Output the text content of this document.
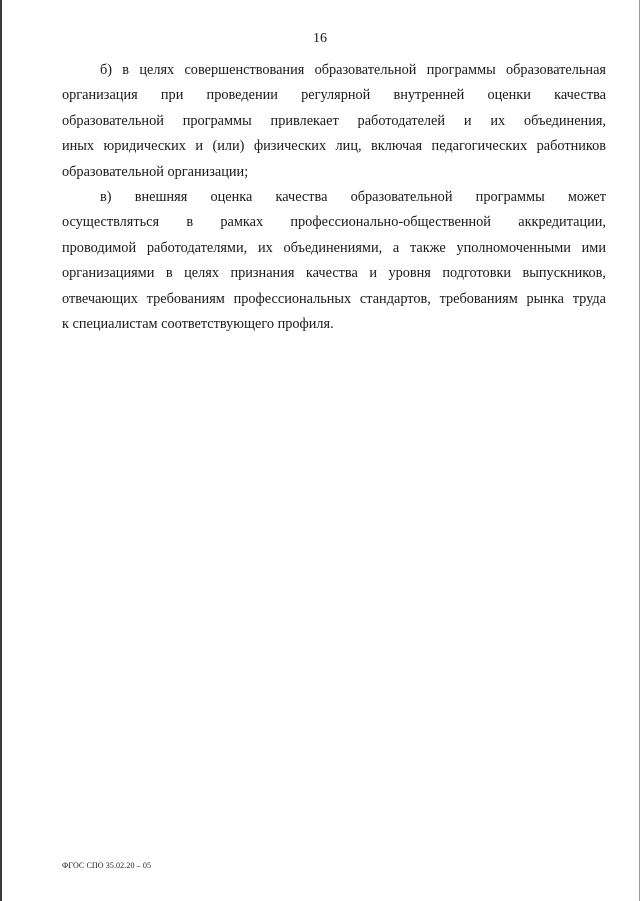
16
б) в целях совершенствования образовательной программы образовательная
организация при проведении регулярной внутренней оценки качества
образовательной программы привлекает работодателей и их объединения,
иных юридических и (или) физических лиц, включая педагогических работников
образовательной организации;
в) внешняя оценка качества образовательной программы может
осуществляться в рамках профессионально-общественной аккредитации,
проводимой работодателями, их объединениями, а также уполномоченными ими
организациями в целях признания качества и уровня подготовки выпускников,
отвечающих требованиям профессиональных стандартов, требованиям рынка труда
к специалистам соответствующего профиля.
ФГОС СПО 35.02.20 – 05
